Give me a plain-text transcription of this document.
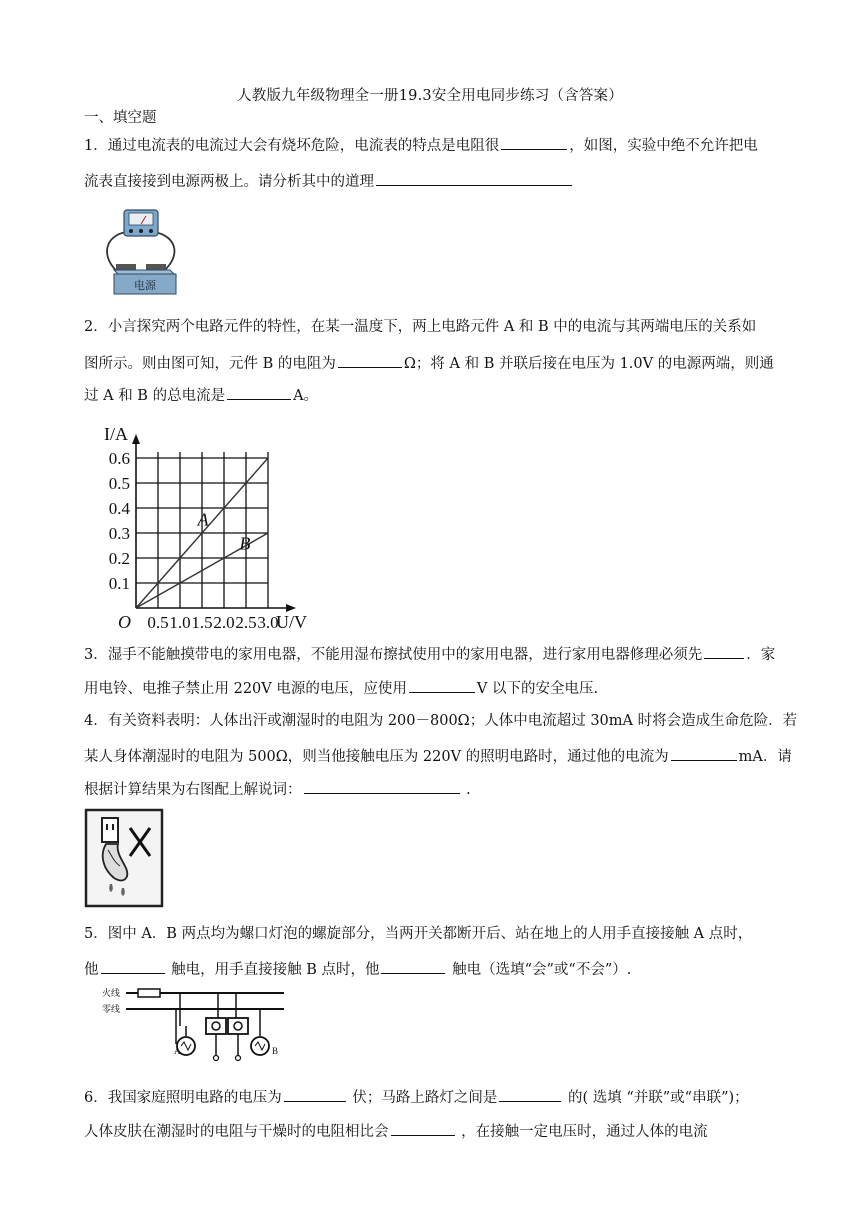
人教版九年级物理全一册19.3安全用电同步练习（含答案）
一、填空题
1．通过电流表的电流过大会有烧坏危险，电流表的特点是电阻很	，如图，实验中绝不允许把电
流表直接接到电源两极上。请分析其中的道理
电源
2．小言探究两个电路元件的特性，在某一温度下，两上电路元件 A 和 B 中的电流与其两端电压的关系如
图所示。则由图可知，元件 B 的电阻为	Ω；将 A 和 B 并联后接在电压为 1.0V 的电源两端，则通
过 A 和 B 的总电流是	A。
0.1
0.2
0.3
0.4
0.5
0.6
0.5 1.0 1.5 2.0 2.5 3.0
O
I/A
U/V
A
B
3．湿手不能触摸带电的家用电器，不能用湿布擦拭使用中的家用电器，进行家用电器修理必须先	．家
用电铃、电推子禁止用 220V 电源的电压，应使用	V 以下的安全电压.
4．有关资料表明：人体出汗或潮湿时的电阻为 200－800Ω；人体中电流超过 30mA 时将会造成生命危险．若
某人身体潮湿时的电阻为 500Ω，则当他接触电压为 220V 的照明电路时，通过他的电流为	mA．请
根据计算结果为右图配上解说词：	.
5．图中 A．B 两点均为螺口灯泡的螺旋部分，当两开关都断开后、站在地上的人用手直接接触 A 点时，
他	触电，用手直接接触 B 点时，他	触电（选填“会”或“不会”）.
火线
零线
A	B
6．我国家庭照明电路的电压为	伏；马路上路灯之间是	的( 选填 “并联”或“串联”)；
人体皮肤在潮湿时的电阻与干燥时的电阻相比会	，在接触一定电压时，通过人体的电流
